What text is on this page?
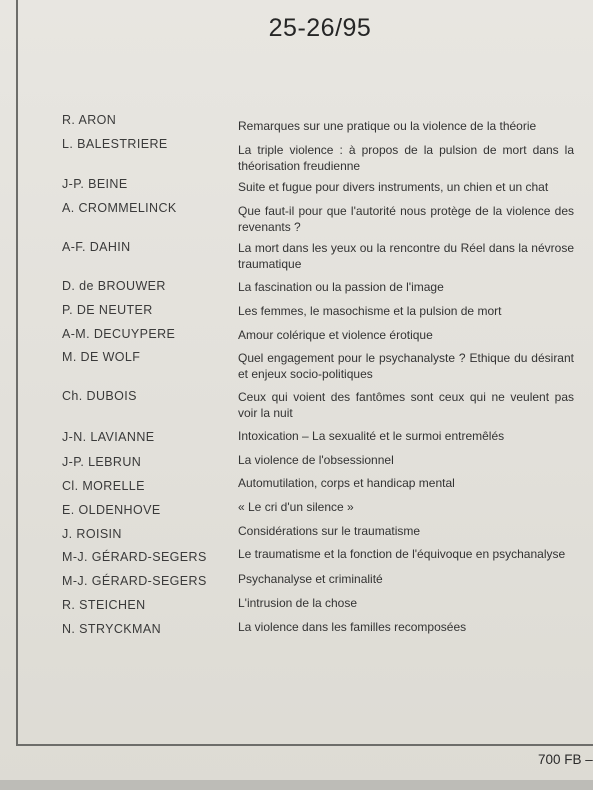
25-26/95
R. ARON	Remarques sur une pratique ou la violence de la théorie
L. BALESTRIERE	La triple violence : à propos de la pulsion de mort dans la théorisation freudienne
J-P. BEINE	Suite et fugue pour divers instruments, un chien et un chat
A. CROMMELINCK	Que faut-il pour que l'autorité nous protège de la violence des revenants ?
A-F. DAHIN	La mort dans les yeux ou la rencontre du Réel dans la névrose traumatique
D. de BROUWER	La fascination ou la passion de l'image
P. DE NEUTER	Les femmes, le masochisme et la pulsion de mort
A-M. DECUYPERE	Amour colérique et violence érotique
M. DE WOLF	Quel engagement pour le psychanalyste ? Ethique du désirant et enjeux socio-politiques
Ch. DUBOIS	Ceux qui voient des fantômes sont ceux qui ne veulent pas voir la nuit
J-N. LAVIANNE	Intoxication – La sexualité et le surmoi entremêlés
J-P. LEBRUN	La violence de l'obsessionnel
Cl. MORELLE	Automutilation, corps et handicap mental
E. OLDENHOVE	« Le cri d'un silence »
J. ROISIN	Considérations sur le traumatisme
M-J. GÉRARD-SEGERS	Le traumatisme et la fonction de l'équivoque en psychanalyse
M-J. GÉRARD-SEGERS	Psychanalyse et criminalité
R. STEICHEN	L'intrusion de la chose
N. STRYCKMAN	La violence dans les familles recomposées
700 FB –
